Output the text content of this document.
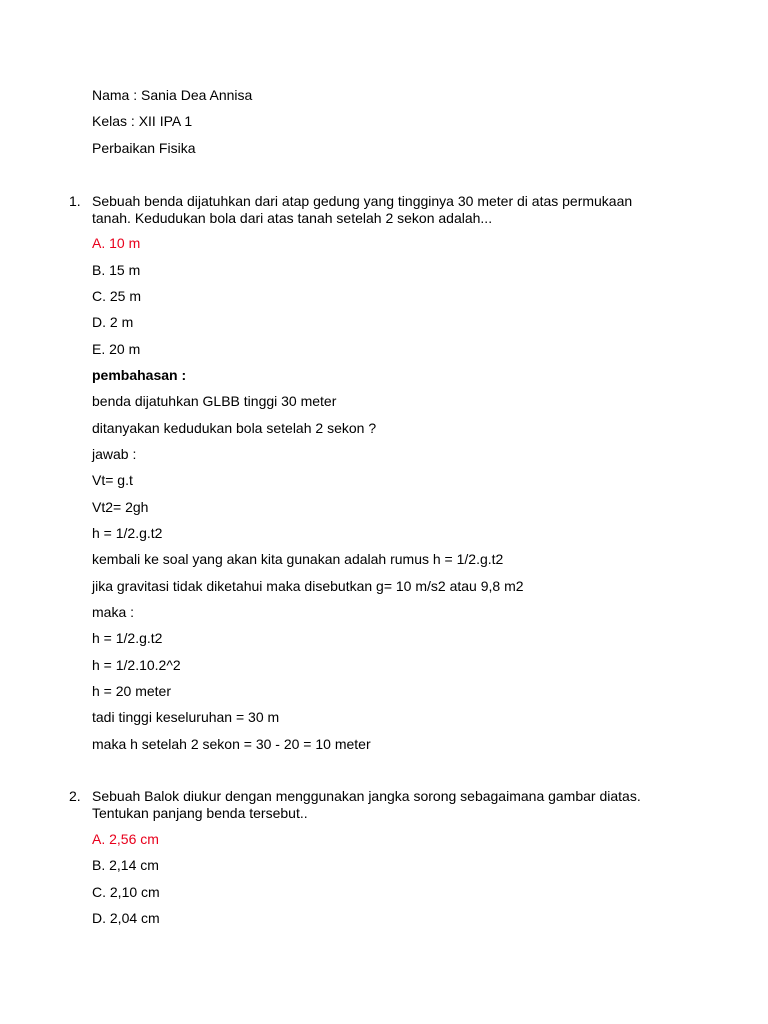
Nama : Sania Dea Annisa
Kelas : XII IPA 1
Perbaikan Fisika
1. Sebuah benda dijatuhkan dari atap gedung yang tingginya 30 meter di atas permukaan
tanah. Kedudukan bola dari atas tanah setelah 2 sekon adalah...
A. 10 m
B. 15 m
C. 25 m
D. 2 m
E. 20 m
pembahasan :
benda dijatuhkan GLBB tinggi 30 meter
ditanyakan kedudukan bola setelah 2 sekon ?
jawab :
Vt= g.t
Vt2= 2gh
h = 1/2.g.t2
kembali ke soal yang akan kita gunakan adalah rumus h = 1/2.g.t2
jika gravitasi tidak diketahui maka disebutkan g= 10 m/s2 atau 9,8 m2
maka :
h = 1/2.g.t2
h = 1/2.10.2^2
h = 20 meter
tadi tinggi keseluruhan = 30 m
maka h setelah 2 sekon = 30 - 20 = 10 meter
2. Sebuah Balok diukur dengan menggunakan jangka sorong sebagaimana gambar diatas.
Tentukan panjang benda tersebut..
A. 2,56 cm
B. 2,14 cm
C. 2,10 cm
D. 2,04 cm
